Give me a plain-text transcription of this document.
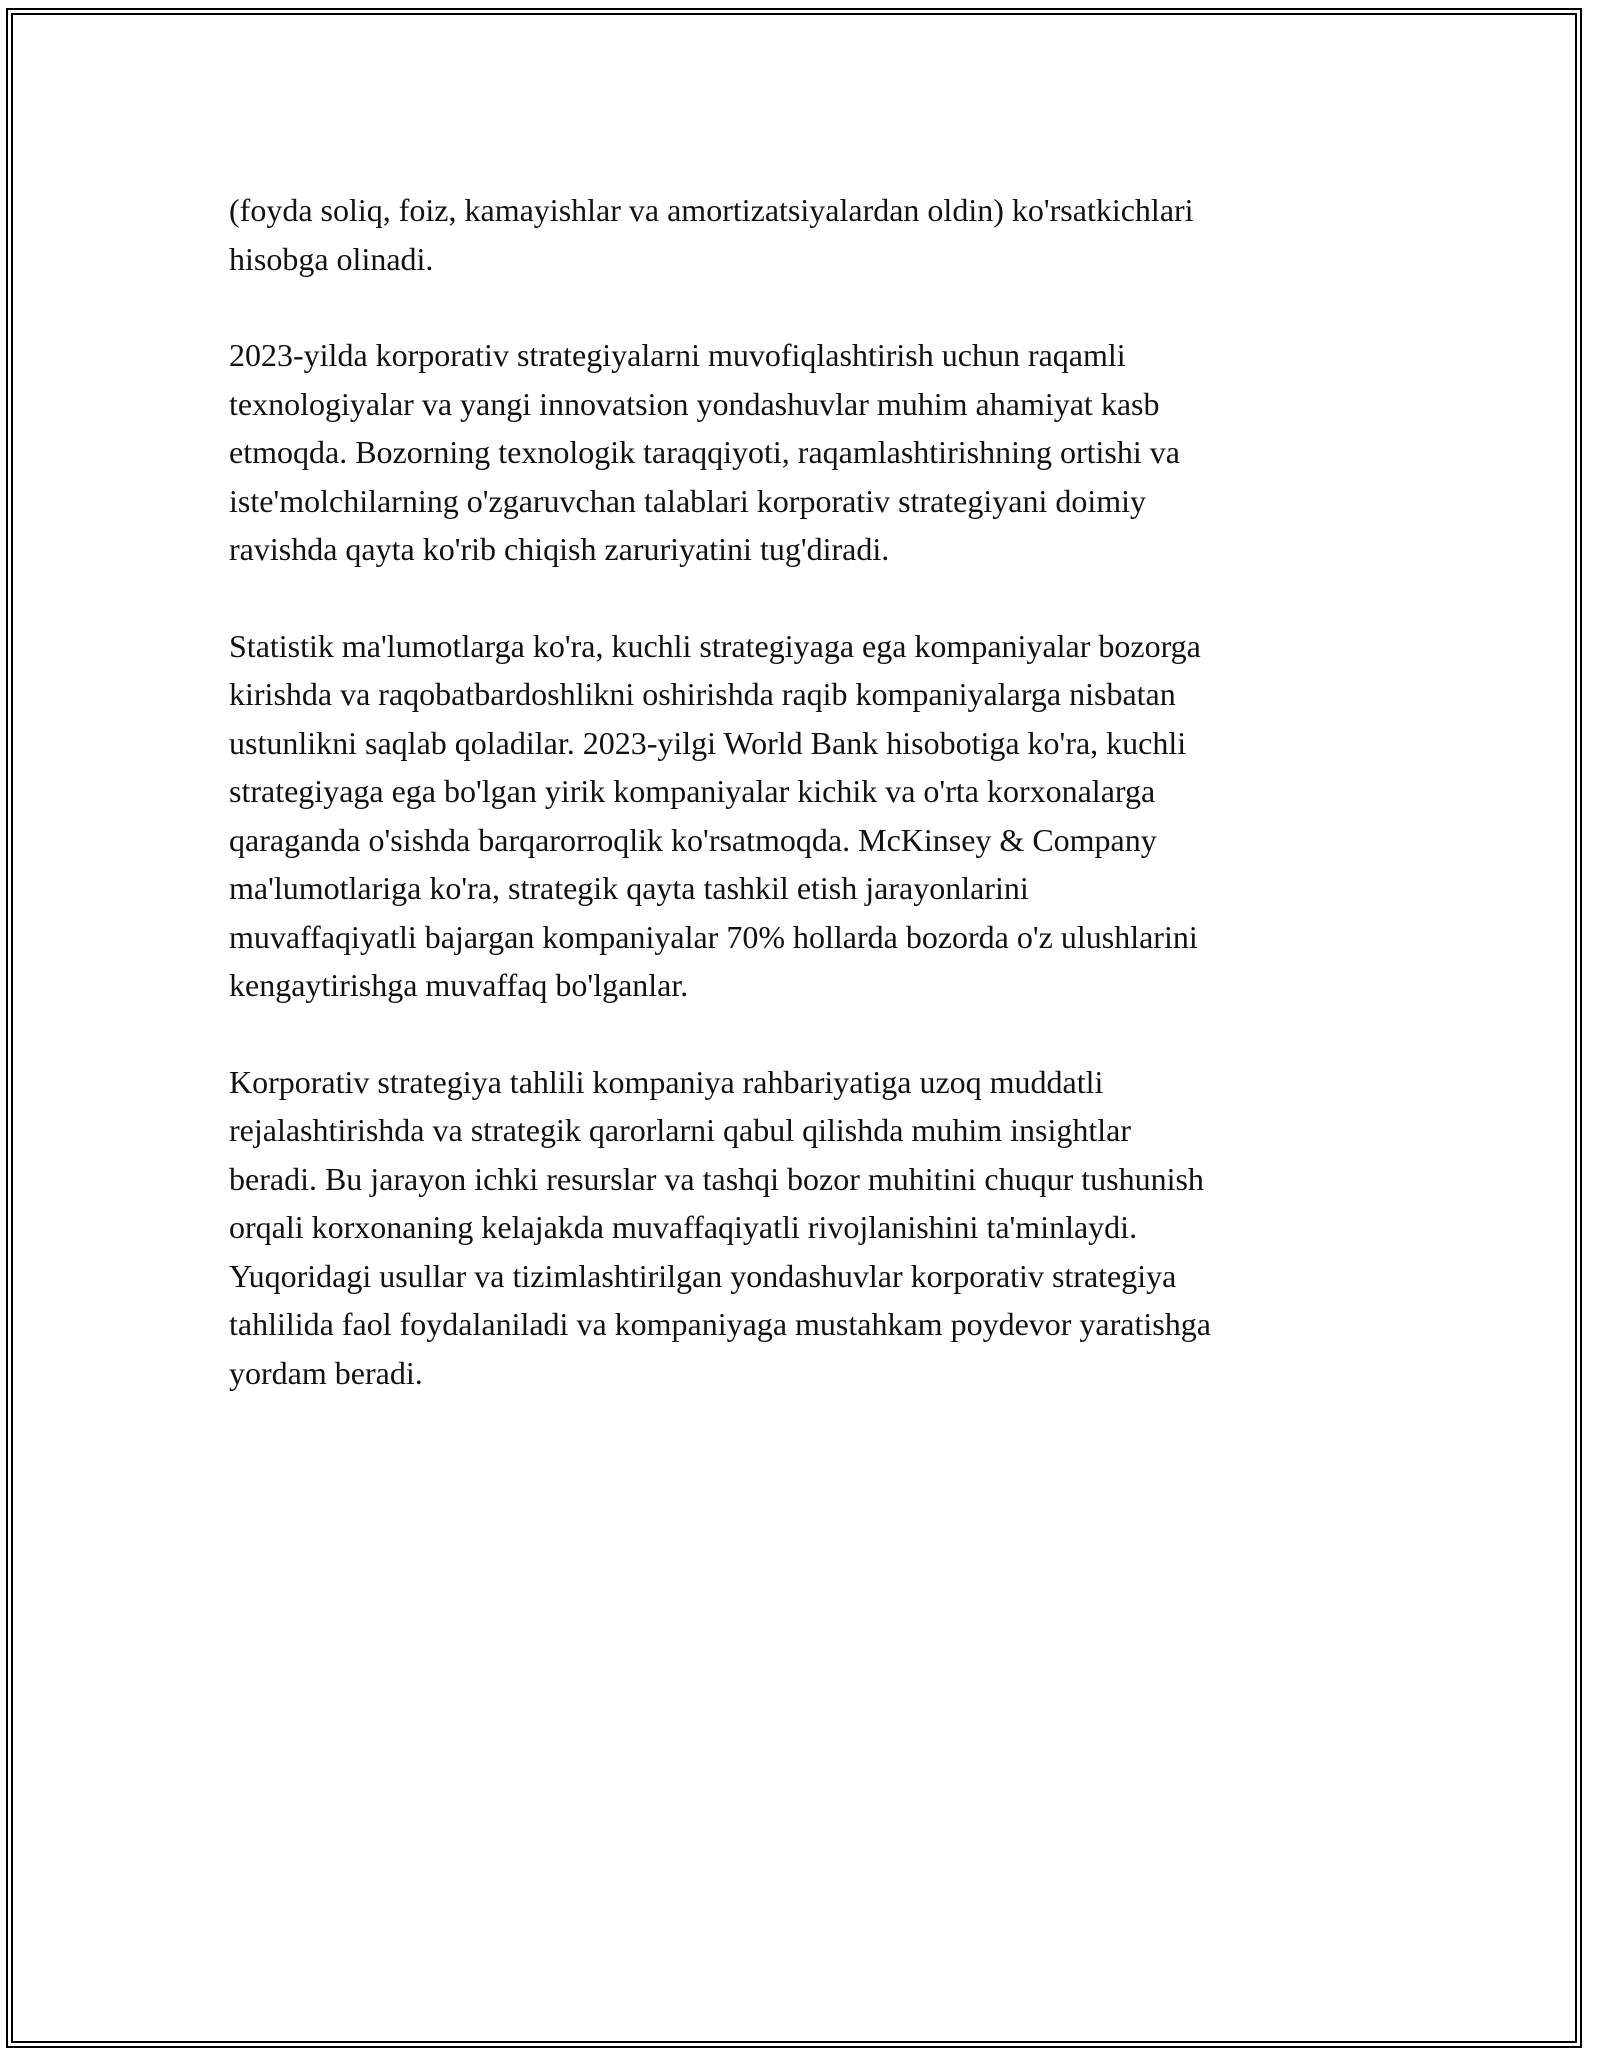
(foyda soliq, foiz, kamayishlar va amortizatsiyalardan oldin) ko'rsatkichlari
hisobga olinadi.

2023-yilda korporativ strategiyalarni muvofiqlashtirish uchun raqamli
texnologiyalar va yangi innovatsion yondashuvlar muhim ahamiyat kasb
etmoqda. Bozorning texnologik taraqqiyoti, raqamlashtirishning ortishi va
iste'molchilarning o'zgaruvchan talablari korporativ strategiyani doimiy
ravishda qayta ko'rib chiqish zaruriyatini tug'diradi.

Statistik ma'lumotlarga ko'ra, kuchli strategiyaga ega kompaniyalar bozorga
kirishda va raqobatbardoshlikni oshirishda raqib kompaniyalarga nisbatan
ustunlikni saqlab qoladilar. 2023-yilgi World Bank hisobotiga ko'ra, kuchli
strategiyaga ega bo'lgan yirik kompaniyalar kichik va o'rta korxonalarga
qaraganda o'sishda barqarorroqlik ko'rsatmoqda. McKinsey & Company
ma'lumotlariga ko'ra, strategik qayta tashkil etish jarayonlarini
muvaffaqiyatli bajargan kompaniyalar 70% hollarda bozorda o'z ulushlarini
kengaytirishga muvaffaq bo'lganlar.

Korporativ strategiya tahlili kompaniya rahbariyatiga uzoq muddatli
rejalashtirishda va strategik qarorlarni qabul qilishda muhim insightlar
beradi. Bu jarayon ichki resurslar va tashqi bozor muhitini chuqur tushunish
orqali korxonaning kelajakda muvaffaqiyatli rivojlanishini ta'minlaydi.
Yuqoridagi usullar va tizimlashtirilgan yondashuvlar korporativ strategiya
tahlilida faol foydalaniladi va kompaniyaga mustahkam poydevor yaratishga
yordam beradi.
